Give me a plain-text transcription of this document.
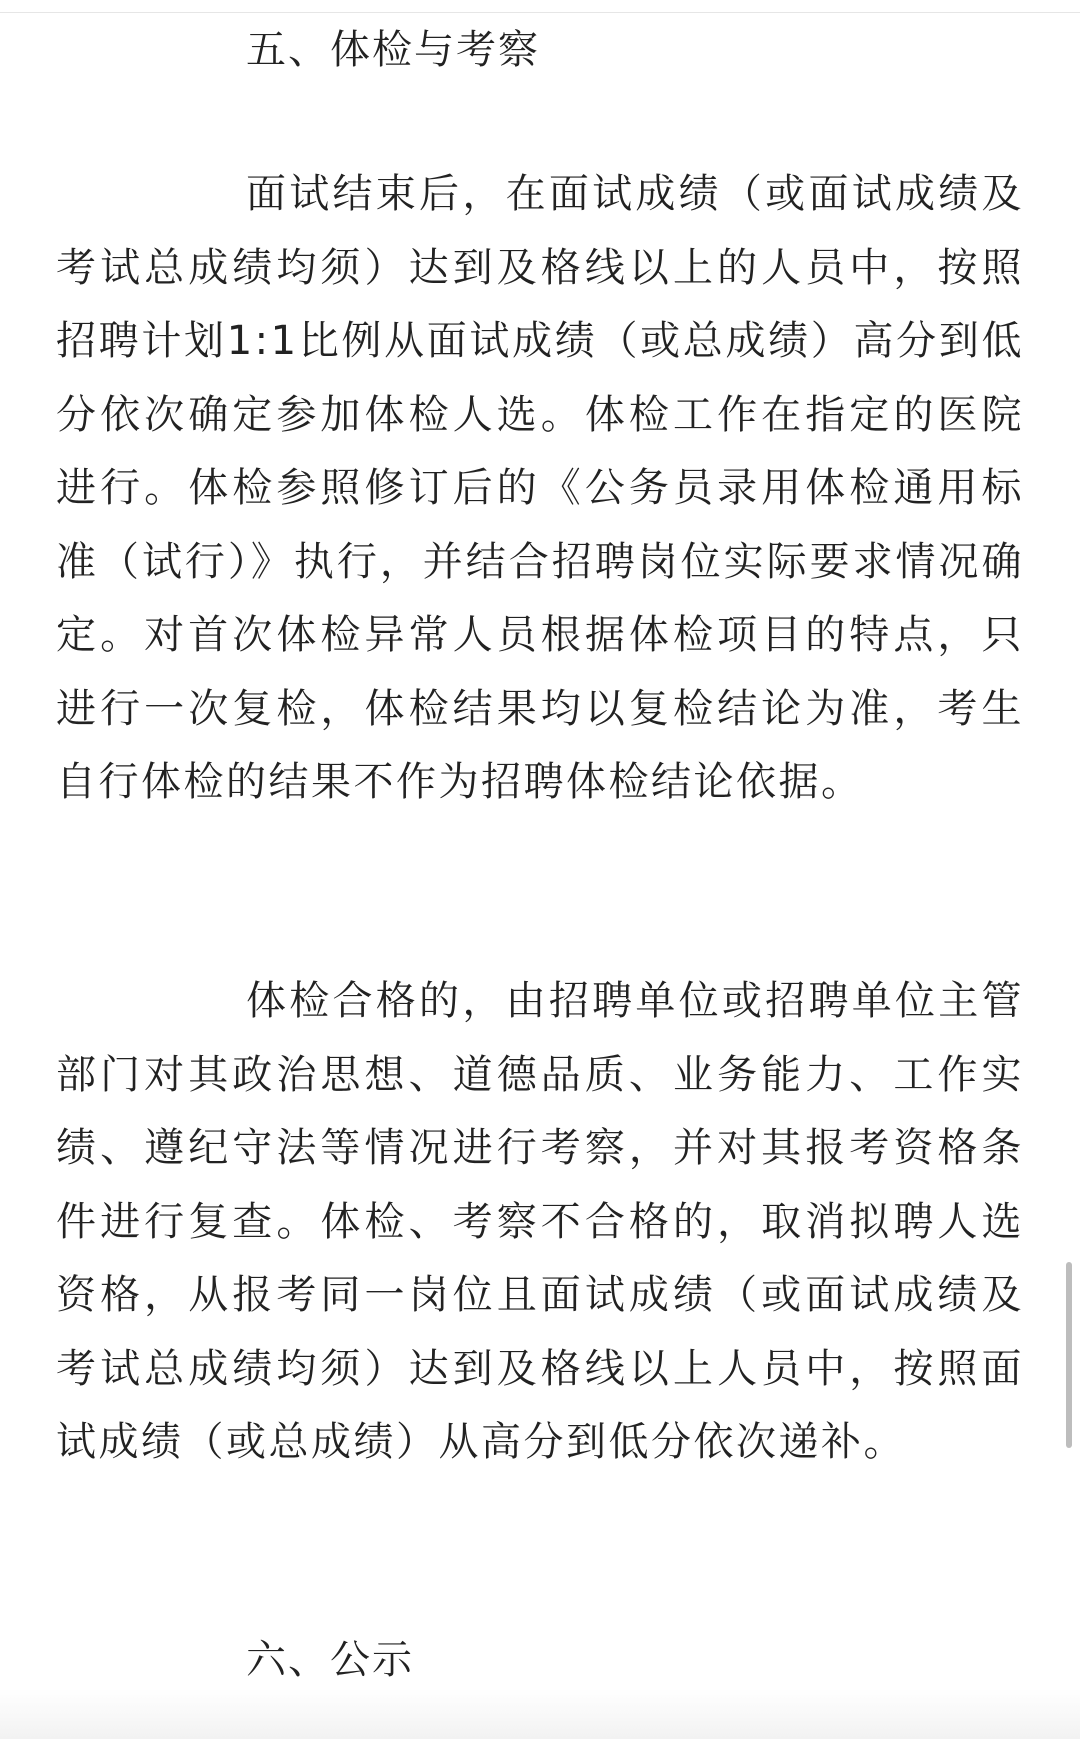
五、体检与考察
面试结束后，在面试成绩（或面试成绩及考试总成绩均须）达到及格线以上的人员中，按照招聘计划1:1比例从面试成绩（或总成绩）高分到低分依次确定参加体检人选。体检工作在指定的医院进行。体检参照修订后的《公务员录用体检通用标准（试行）》执行，并结合招聘岗位实际要求情况确定。对首次体检异常人员根据体检项目的特点，只进行一次复检，体检结果均以复检结论为准，考生自行体检的结果不作为招聘体检结论依据。
体检合格的，由招聘单位或招聘单位主管部门对其政治思想、道德品质、业务能力、工作实绩、遵纪守法等情况进行考察，并对其报考资格条件进行复查。体检、考察不合格的，取消拟聘人选资格，从报考同一岗位且面试成绩（或面试成绩及考试总成绩均须）达到及格线以上人员中，按照面试成绩（或总成绩）从高分到低分依次递补。
六、公示
